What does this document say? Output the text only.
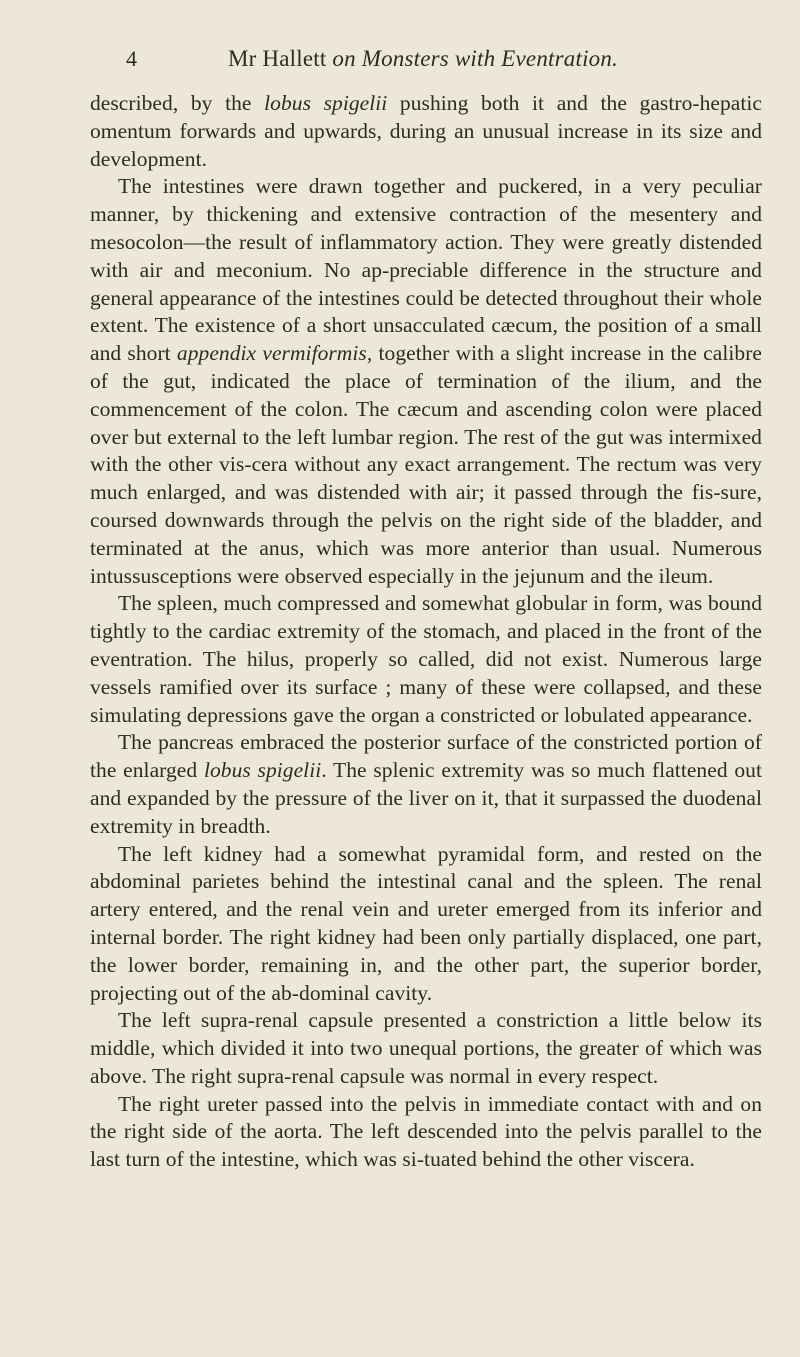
4	Mr Hallett on Monsters with Eventration.

described, by the lobus spigelii pushing both it and the gastro-hepatic omentum forwards and upwards, during an unusual increase in its size and development.

The intestines were drawn together and puckered, in a very peculiar manner, by thickening and extensive contraction of the mesentery and mesocolon—the result of inflammatory action. They were greatly distended with air and meconium. No ap-preciable difference in the structure and general appearance of the intestines could be detected throughout their whole extent. The existence of a short unsacculated cæcum, the position of a small and short appendix vermiformis, together with a slight increase in the calibre of the gut, indicated the place of termination of the ilium, and the commencement of the colon. The cæcum and ascending colon were placed over but external to the left lumbar region. The rest of the gut was intermixed with the other vis-cera without any exact arrangement. The rectum was very much enlarged, and was distended with air; it passed through the fis-sure, coursed downwards through the pelvis on the right side of the bladder, and terminated at the anus, which was more anterior than usual. Numerous intussusceptions were observed especially in the jejunum and the ileum.

The spleen, much compressed and somewhat globular in form, was bound tightly to the cardiac extremity of the stomach, and placed in the front of the eventration. The hilus, properly so called, did not exist. Numerous large vessels ramified over its surface ; many of these were collapsed, and these simulating depressions gave the organ a constricted or lobulated appearance.

The pancreas embraced the posterior surface of the constricted portion of the enlarged lobus spigelii. The splenic extremity was so much flattened out and expanded by the pressure of the liver on it, that it surpassed the duodenal extremity in breadth.

The left kidney had a somewhat pyramidal form, and rested on the abdominal parietes behind the intestinal canal and the spleen. The renal artery entered, and the renal vein and ureter emerged from its inferior and internal border. The right kidney had been only partially displaced, one part, the lower border, remaining in, and the other part, the superior border, projecting out of the ab-dominal cavity.

The left supra-renal capsule presented a constriction a little below its middle, which divided it into two unequal portions, the greater of which was above. The right supra-renal capsule was normal in every respect.

The right ureter passed into the pelvis in immediate contact with and on the right side of the aorta. The left descended into the pelvis parallel to the last turn of the intestine, which was si-tuated behind the other viscera.
